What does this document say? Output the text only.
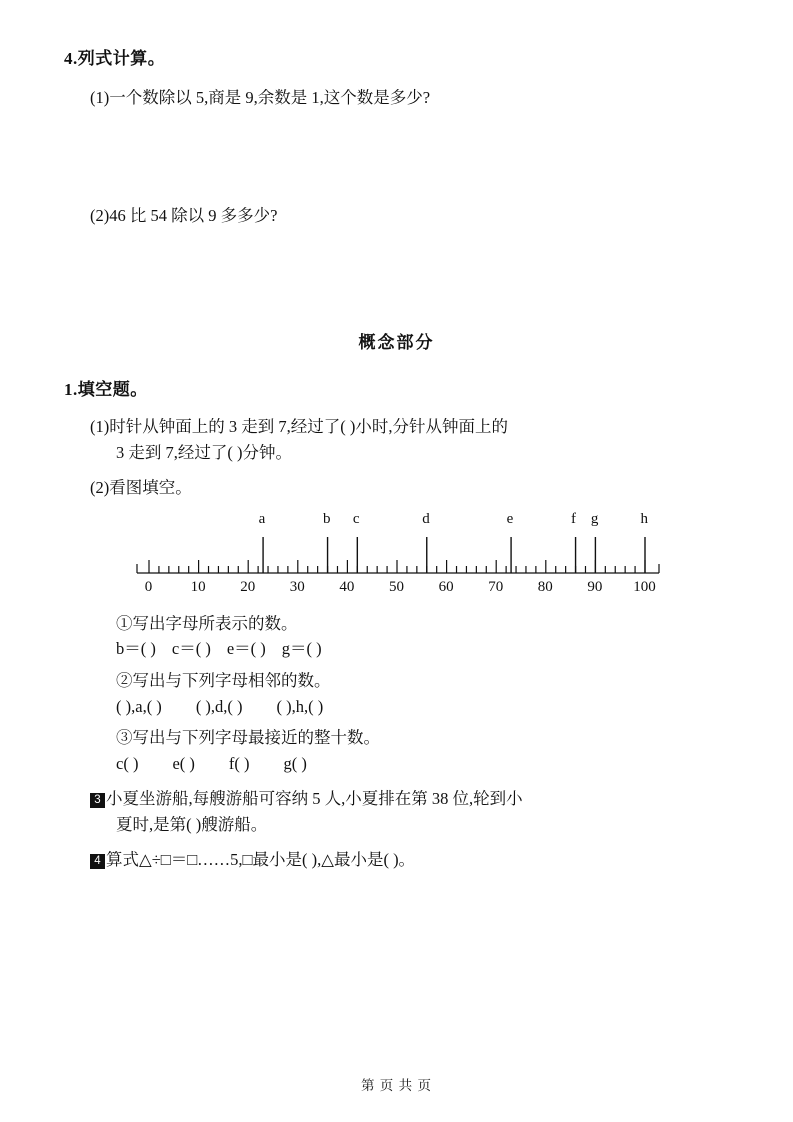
4.列式计算。
(1)一个数除以 5,商是 9,余数是 1,这个数是多少?
(2)46 比 54 除以 9 多多少?
概念部分
1.填空题。
(1)时针从钟面上的 3 走到 7,经过了( )小时,分针从钟面上的
3 走到 7,经过了( )分钟。
(2)看图填空。
a	b c	d	e	f g	h
0	10 20 30 40 50 60 70 80 90 100
①写出字母所表示的数。
b＝( ) c＝( ) e＝( ) g＝( )
②写出与下列字母相邻的数。
( ),a,( ) ( ),d,( ) ( ),h,( )
③写出与下列字母最接近的整十数。
c( ) e( ) f( ) g( )
3 小夏坐游船,每艘游船可容纳 5 人,小夏排在第 38 位,轮到小
夏时,是第( )艘游船。
4 算式△÷□＝□……5,□最小是( ),△最小是( )。
第 页 共 页
